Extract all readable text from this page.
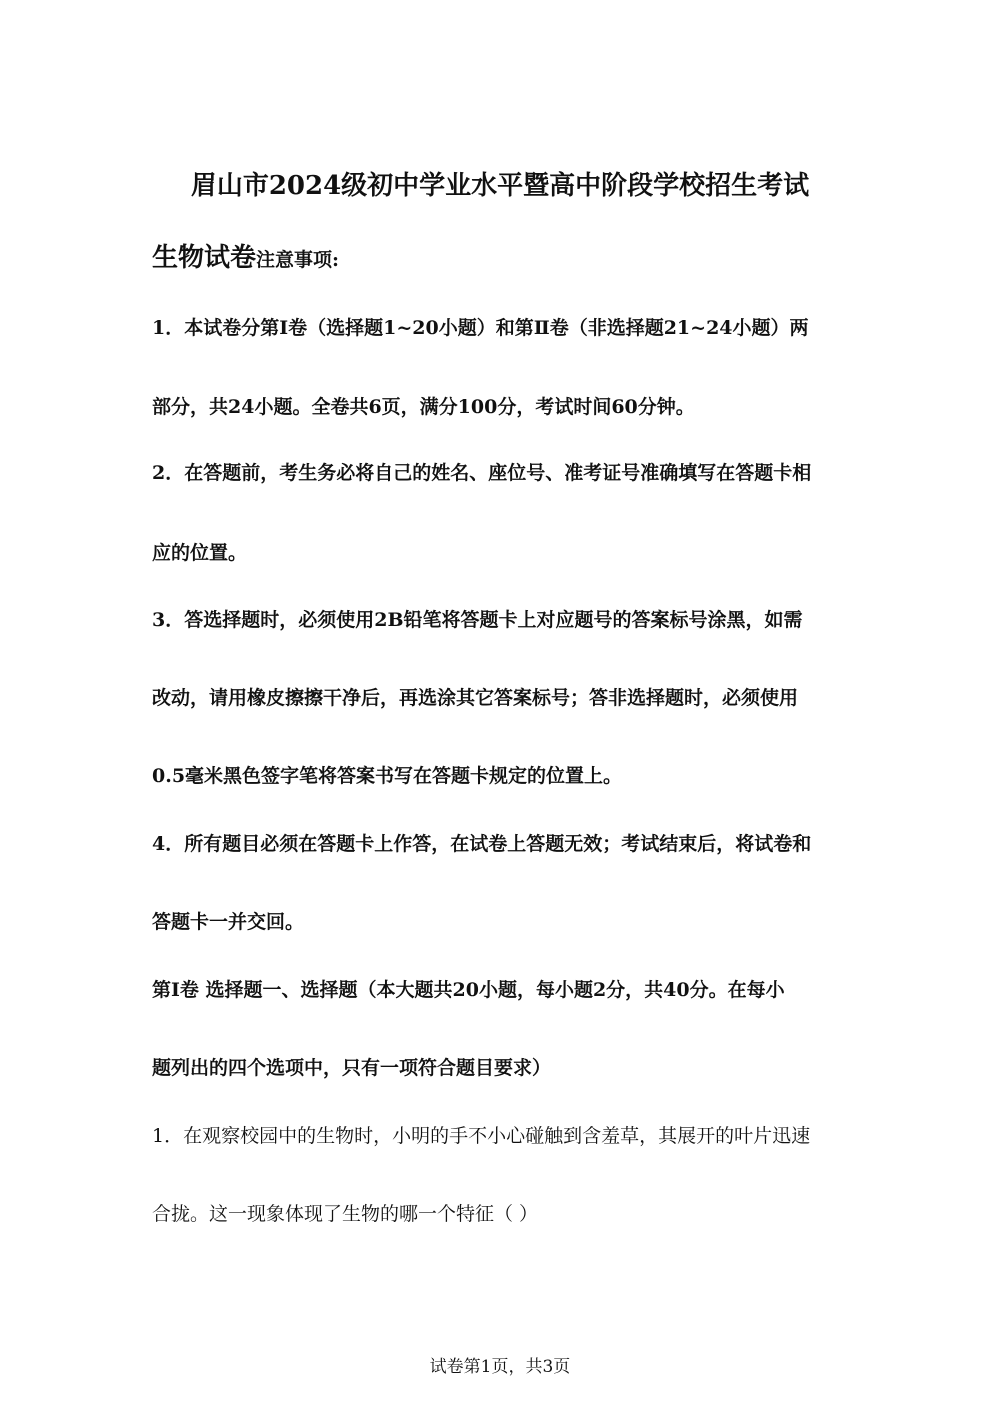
眉山市2024级初中学业水平暨高中阶段学校招生考试
生物试卷注意事项:
1．本试卷分第Ⅰ卷（选择题1~20小题）和第Ⅱ卷（非选择题21~24小题）两
部分，共24小题。全卷共6页，满分100分，考试时间60分钟。
2．在答题前，考生务必将自己的姓名、座位号、准考证号准确填写在答题卡相
应的位置。
3．答选择题时，必须使用2B铅笔将答题卡上对应题号的答案标号涂黑，如需
改动，请用橡皮擦擦干净后，再选涂其它答案标号；答非选择题时，必须使用
0.5毫米黑色签字笔将答案书写在答题卡规定的位置上。
4．所有题目必须在答题卡上作答，在试卷上答题无效；考试结束后，将试卷和
答题卡一并交回。
第Ⅰ卷 选择题一、选择题（本大题共20小题，每小题2分，共40分。在每小
题列出的四个选项中，只有一项符合题目要求）
1．在观察校园中的生物时，小明的手不小心碰触到含羞草，其展开的叶片迅速
合拢。这一现象体现了生物的哪一个特征（ ）
试卷第1页，共3页
